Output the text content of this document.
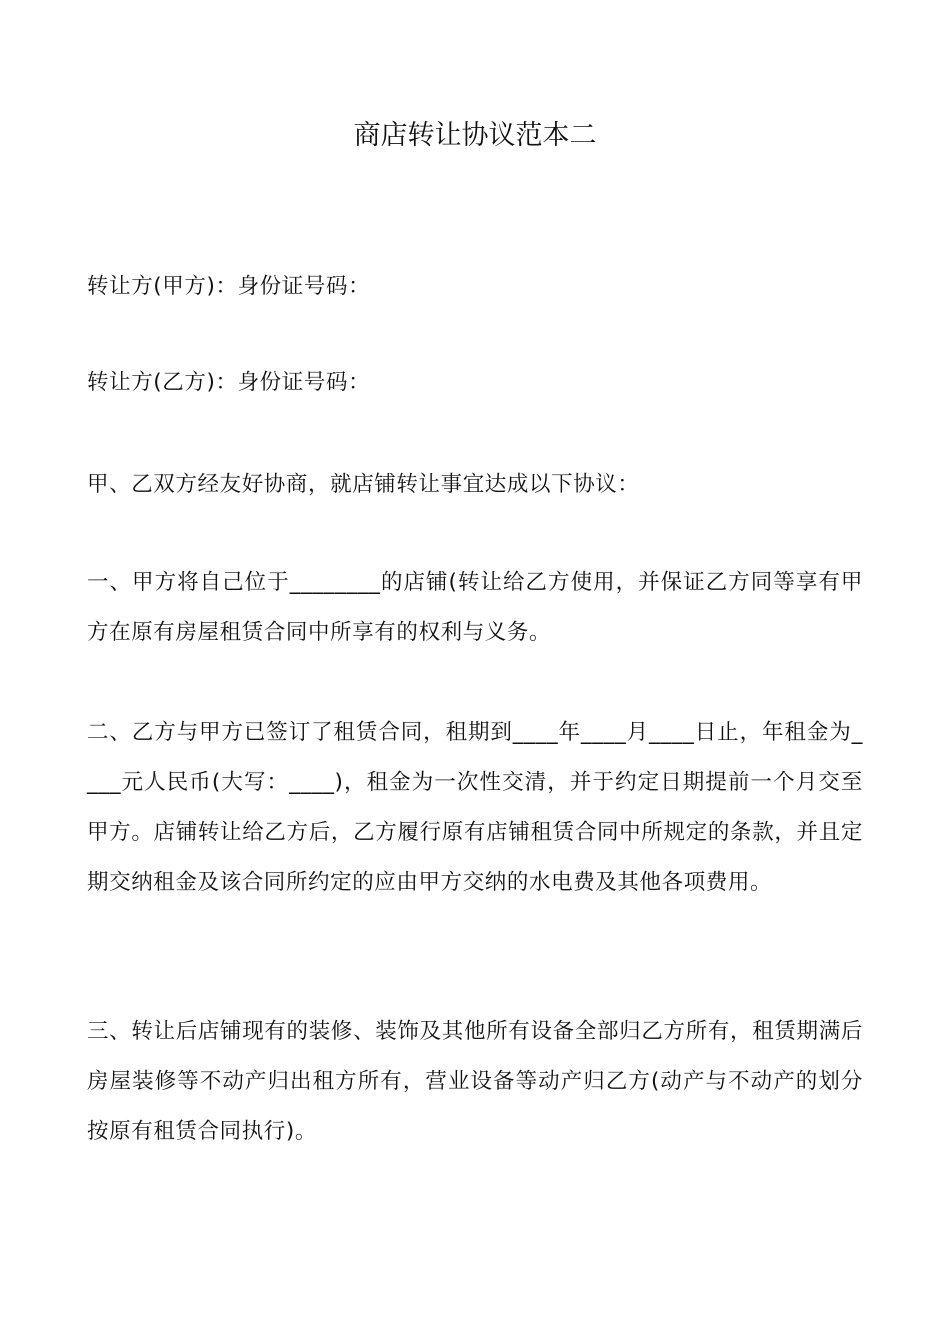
商店转让协议范本二

转让方(甲方)：身份证号码：

转让方(乙方)：身份证号码：

甲、乙双方经友好协商，就店铺转让事宜达成以下协议：

一、甲方将自己位于________的店铺(转让给乙方使用，并保证乙方同等享有甲方在原有房屋租赁合同中所享有的权利与义务。

二、乙方与甲方已签订了租赁合同，租期到____年____月____日止，年租金为____元人民币(大写：____)，租金为一次性交清，并于约定日期提前一个月交至甲方。店铺转让给乙方后，乙方履行原有店铺租赁合同中所规定的条款，并且定期交纳租金及该合同所约定的应由甲方交纳的水电费及其他各项费用。

三、转让后店铺现有的装修、装饰及其他所有设备全部归乙方所有，租赁期满后房屋装修等不动产归出租方所有，营业设备等动产归乙方(动产与不动产的划分按原有租赁合同执行)。
